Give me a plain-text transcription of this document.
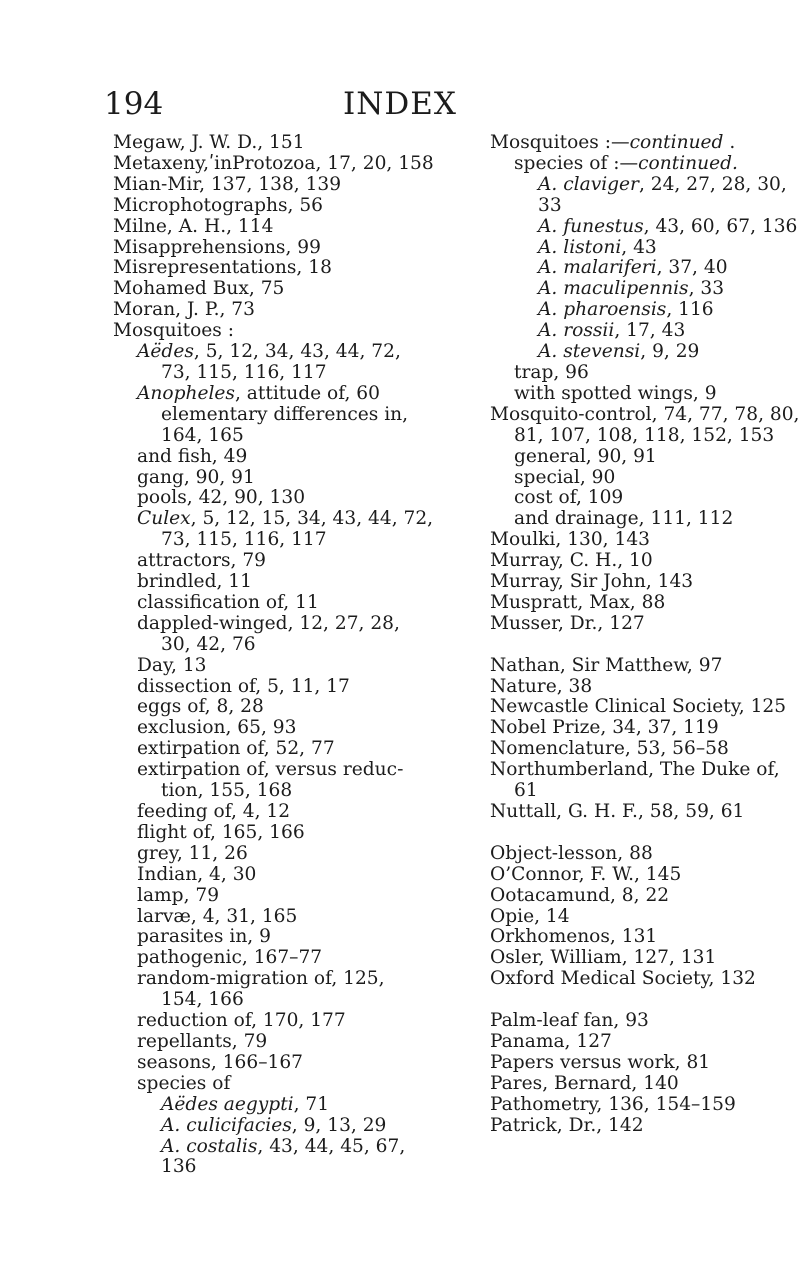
194	INDEX
Megaw, J. W. D., 151
Metaxeny,ʹinProtozoa, 17, 20, 158
Mian-Mir, 137, 138, 139
Microphotographs, 56
Milne, A. H., 114
Misapprehensions, 99
Misrepresentations, 18
Mohamed Bux, 75
Moran, J. P., 73
Mosquitoes :
Aëdes, 5, 12, 34, 43, 44, 72,
73, 115, 116, 117
Anopheles, attitude of, 60
elementary differences in,
164, 165
and fish, 49
gang, 90, 91
pools, 42, 90, 130
Culex, 5, 12, 15, 34, 43, 44, 72,
73, 115, 116, 117
attractors, 79
brindled, 11
classification of, 11
dappled-winged, 12, 27, 28,
30, 42, 76
Day, 13
dissection of, 5, 11, 17
eggs of, 8, 28
exclusion, 65, 93
extirpation of, 52, 77
extirpation of, versus reduc-
tion, 155, 168
feeding of, 4, 12
flight of, 165, 166
grey, 11, 26
Indian, 4, 30
lamp, 79
larvæ, 4, 31, 165
parasites in, 9
pathogenic, 167–77
random-migration of, 125,
154, 166
reduction of, 170, 177
repellants, 79
seasons, 166–167
species of
Aëdes aegypti, 71
A. culicifacies, 9, 13, 29
A. costalis, 43, 44, 45, 67,
136
Mosquitoes :—continued .
species of :—continued.
A. claviger, 24, 27, 28, 30,
33
A. funestus, 43, 60, 67, 136
A. listoni, 43
A. malariferi, 37, 40
A. maculipennis, 33
A. pharoensis, 116
A. rossii, 17, 43
A. stevensi, 9, 29
trap, 96
with spotted wings, 9
Mosquito-control, 74, 77, 78, 80,
81, 107, 108, 118, 152, 153
general, 90, 91
special, 90
cost of, 109
and drainage, 111, 112
Moulki, 130, 143
Murray, C. H., 10
Murray, Sir John, 143
Muspratt, Max, 88
Musser, Dr., 127
Nathan, Sir Matthew, 97
Nature, 38
Newcastle Clinical Society, 125
Nobel Prize, 34, 37, 119
Nomenclature, 53, 56–58
Northumberland, The Duke of,
61
Nuttall, G. H. F., 58, 59, 61
Object-lesson, 88
O’Connor, F. W., 145
Ootacamund, 8, 22
Opie, 14
Orkhomenos, 131
Osler, William, 127, 131
Oxford Medical Society, 132
Palm-leaf fan, 93
Panama, 127
Papers versus work, 81
Pares, Bernard, 140
Pathometry, 136, 154–159
Patrick, Dr., 142
